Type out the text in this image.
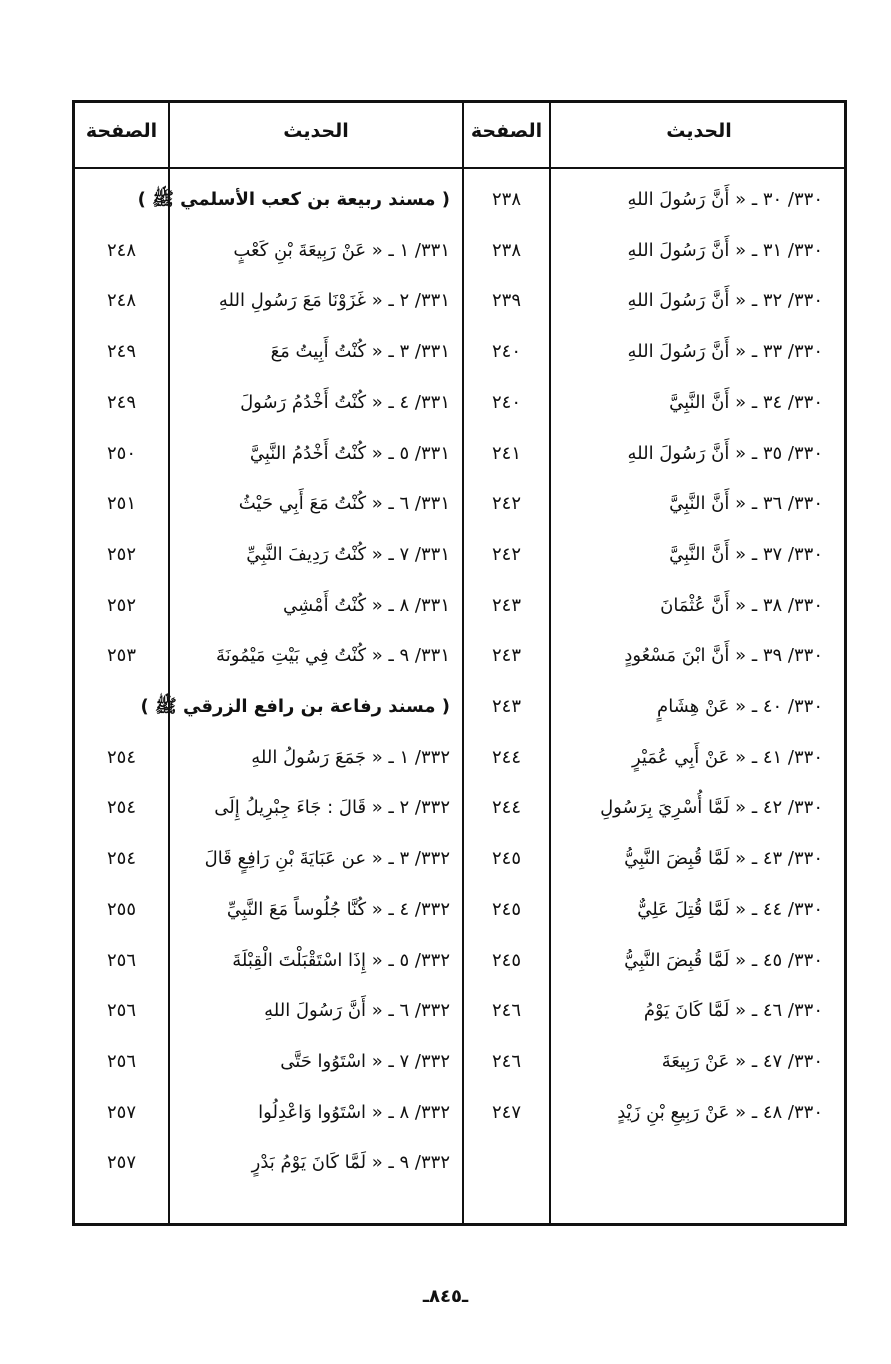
الحديث
الصفحة
الحديث
الصفحة
٣٣٠/ ٣٠ ـ « أَنَّ رَسُولَ اللهِ
٢٣٨
٣٣٠/ ٣١ ـ « أَنَّ رَسُولَ اللهِ
٢٣٨
٣٣٠/ ٣٢ ـ « أَنَّ رَسُولَ اللهِ
٢٣٩
٣٣٠/ ٣٣ ـ « أَنَّ رَسُولَ اللهِ
٢٤٠
٣٣٠/ ٣٤ ـ « أَنَّ النَّبِيَّ
٢٤٠
٣٣٠/ ٣٥ ـ « أَنَّ رَسُولَ اللهِ
٢٤١
٣٣٠/ ٣٦ ـ « أَنَّ النَّبِيَّ
٢٤٢
٣٣٠/ ٣٧ ـ « أَنَّ النَّبِيَّ
٢٤٢
٣٣٠/ ٣٨ ـ « أَنَّ عُثْمَانَ
٢٤٣
٣٣٠/ ٣٩ ـ « أَنَّ ابْنَ مَسْعُودٍ
٢٤٣
٣٣٠/ ٤٠ ـ « عَنْ هِشَامٍ
٢٤٣
٣٣٠/ ٤١ ـ « عَنْ أَبِي عُمَيْرٍ
٢٤٤
٣٣٠/ ٤٢ ـ « لَمَّا أُسْرِيَ بِرَسُولِ
٢٤٤
٣٣٠/ ٤٣ ـ « لَمَّا قُبِضَ النَّبِيُّ
٢٤٥
٣٣٠/ ٤٤ ـ « لَمَّا قُتِلَ عَلِيٌّ
٢٤٥
٣٣٠/ ٤٥ ـ « لَمَّا قُبِضَ النَّبِيُّ
٢٤٥
٣٣٠/ ٤٦ ـ « لَمَّا كَانَ يَوْمُ
٢٤٦
٣٣٠/ ٤٧ ـ « عَنْ رَبِيعَةَ
٢٤٦
٣٣٠/ ٤٨ ـ « عَنْ رَبِيعِ بْنِ زَيْدٍ
٢٤٧
( مسند ربيعة بن كعب الأسلمي ﷺ )
٣٣١/ ١ ـ « عَنْ رَبِيعَةَ بْنِ كَعْبٍ
٢٤٨
٣٣١/ ٢ ـ « غَزَوْنَا مَعَ رَسُولِ اللهِ
٢٤٨
٣٣١/ ٣ ـ « كُنْتُ أَبِيتُ مَعَ
٢٤٩
٣٣١/ ٤ ـ « كُنْتُ أَخْدُمُ رَسُولَ
٢٤٩
٣٣١/ ٥ ـ « كُنْتُ أَخْدُمُ النَّبِيَّ
٢٥٠
٣٣١/ ٦ ـ « كُنْتُ مَعَ أَبِي حَيْثُ
٢٥١
٣٣١/ ٧ ـ « كُنْتُ رَدِيفَ النَّبِيِّ
٢٥٢
٣٣١/ ٨ ـ « كُنْتُ أَمْشِي
٢٥٢
٣٣١/ ٩ ـ « كُنْتُ فِي بَيْتِ مَيْمُونَةَ
٢٥٣
( مسند رفاعة بن رافع الزرقي ﷺ )
٣٣٢/ ١ ـ « جَمَعَ رَسُولُ اللهِ
٢٥٤
٣٣٢/ ٢ ـ « قَالَ : جَاءَ جِبْرِيلُ إِلَى
٢٥٤
٣٣٢/ ٣ ـ « عن عَبَايَةَ بْنِ رَافِعٍ قَالَ
٢٥٤
٣٣٢/ ٤ ـ « كُنَّا جُلُوساً مَعَ النَّبِيِّ
٢٥٥
٣٣٢/ ٥ ـ « إِذَا اسْتَقْبَلْتَ الْقِبْلَةَ
٢٥٦
٣٣٢/ ٦ ـ « أَنَّ رَسُولَ اللهِ
٢٥٦
٣٣٢/ ٧ ـ « اسْتَوُوا حَتَّى
٢٥٦
٣٣٢/ ٨ ـ « اسْتَوُوا وَاعْدِلُوا
٢٥٧
٣٣٢/ ٩ ـ « لَمَّا كَانَ يَوْمُ بَدْرٍ
٢٥٧
ـ٨٤٥ـ
